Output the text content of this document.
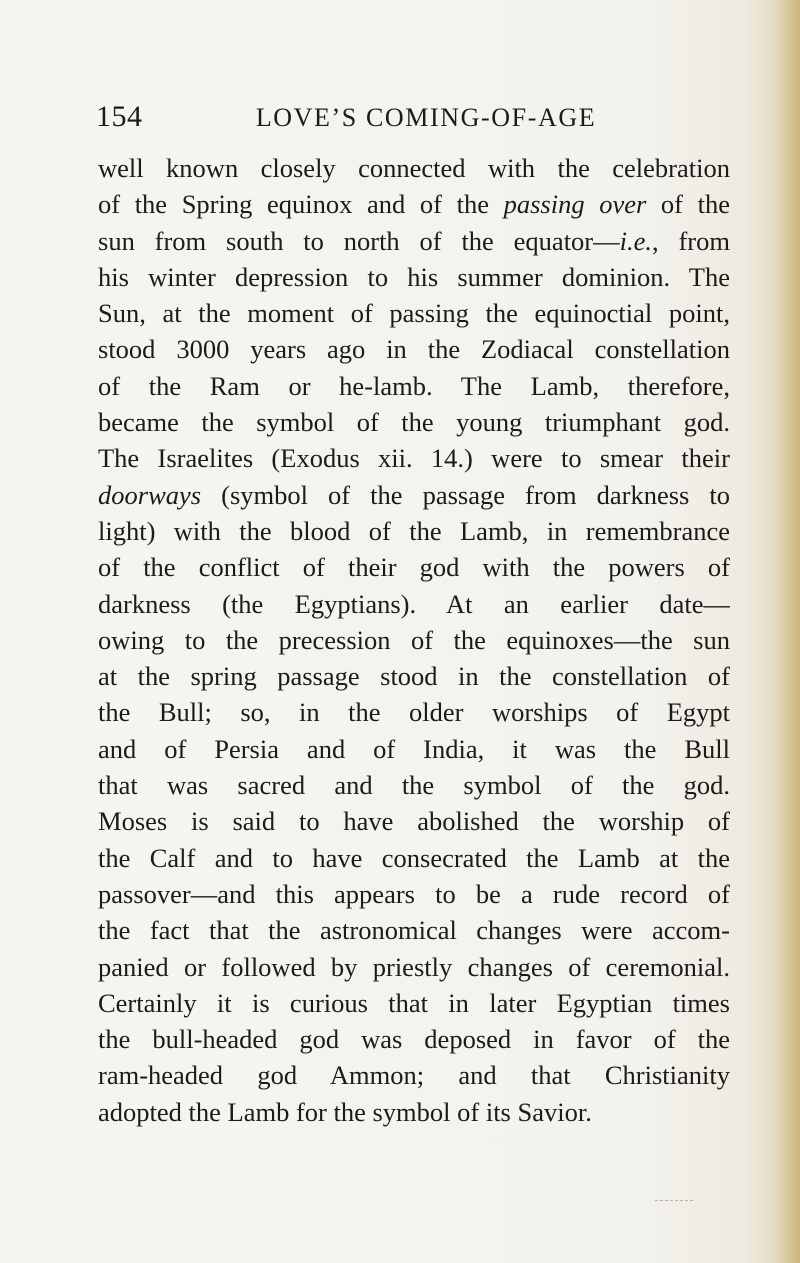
154	LOVE’S COMING-OF-AGE
well known closely connected with the celebration
of the Spring equinox and of the passing over of the
sun from south to north of the equator—i.e., from
his winter depression to his summer dominion. The
Sun, at the moment of passing the equinoctial point,
stood 3000 years ago in the Zodiacal constellation
of the Ram or he-lamb. The Lamb, therefore,
became the symbol of the young triumphant god.
The Israelites (Exodus xii. 14.) were to smear their
doorways (symbol of the passage from darkness to
light) with the blood of the Lamb, in remembrance
of the conflict of their god with the powers of
darkness (the Egyptians). At an earlier date—
owing to the precession of the equinoxes—the sun
at the spring passage stood in the constellation of
the Bull; so, in the older worships of Egypt
and of Persia and of India, it was the Bull
that was sacred and the symbol of the god.
Moses is said to have abolished the worship of
the Calf and to have consecrated the Lamb at the
passover—and this appears to be a rude record of
the fact that the astronomical changes were accom-
panied or followed by priestly changes of ceremonial.
Certainly it is curious that in later Egyptian times
the bull-headed god was deposed in favor of the
ram-headed god Ammon; and that Christianity
adopted the Lamb for the symbol of its Savior.
